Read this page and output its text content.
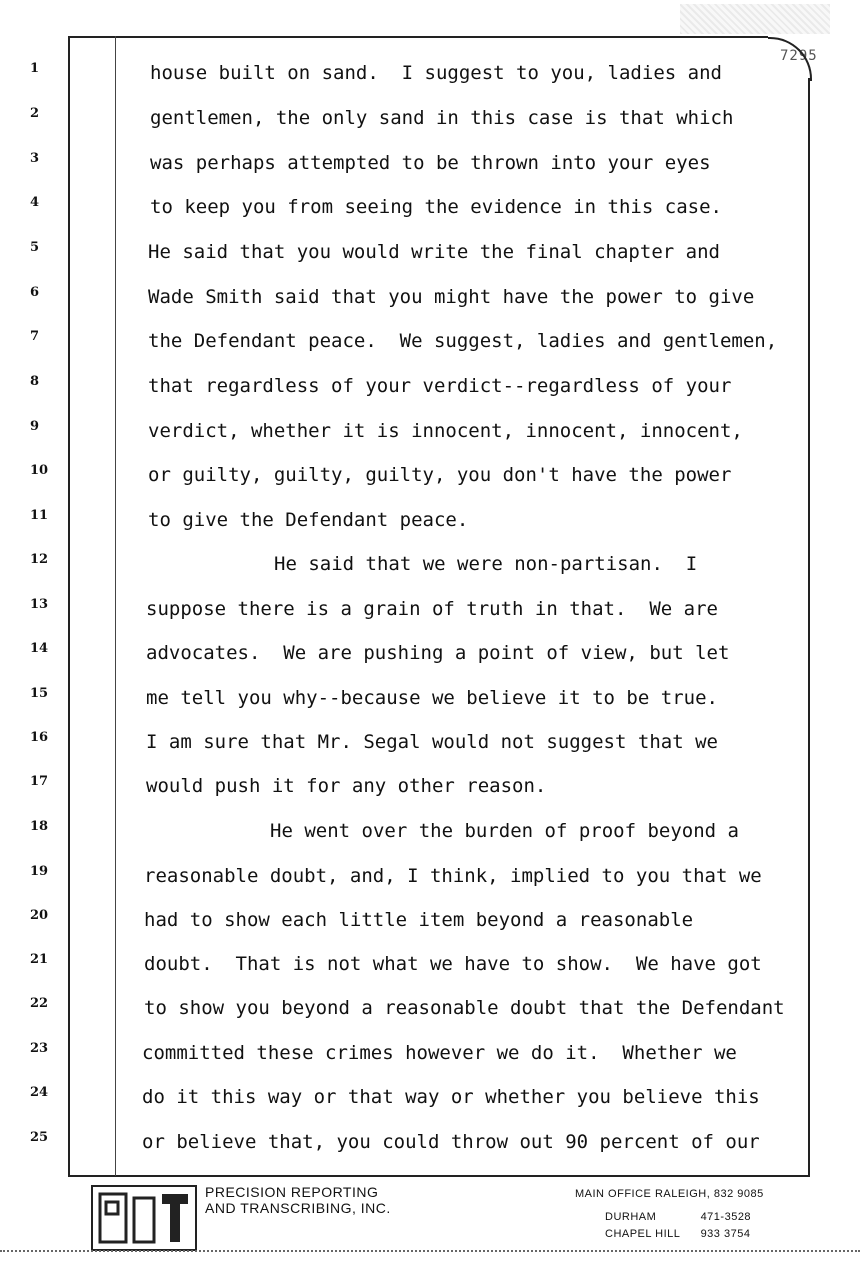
7295
1	house built on sand.  I suggest to you, ladies and
2	gentlemen, the only sand in this case is that which
3	was perhaps attempted to be thrown into your eyes
4	to keep you from seeing the evidence in this case.
5	He said that you would write the final chapter and
6	Wade Smith said that you might have the power to give
7	the Defendant peace.  We suggest, ladies and gentlemen,
8	that regardless of your verdict--regardless of your
9	verdict, whether it is innocent, innocent, innocent,
10	or guilty, guilty, guilty, you don't have the power
11	to give the Defendant peace.
12	He said that we were non-partisan.  I
13	suppose there is a grain of truth in that.  We are
14	advocates.  We are pushing a point of view, but let
15	me tell you why--because we believe it to be true.
16	I am sure that Mr. Segal would not suggest that we
17	would push it for any other reason.
18	He went over the burden of proof beyond a
19	reasonable doubt, and, I think, implied to you that we
20	had to show each little item beyond a reasonable
21	doubt.  That is not what we have to show.  We have got
22	to show you beyond a reasonable doubt that the Defendant
23	committed these crimes however we do it.  Whether we
24	do it this way or that way or whether you believe this
25	or believe that, you could throw out 90 percent of our
PRECISION REPORTING
AND TRANSCRIBING, INC.
MAIN OFFICE RALEIGH, 832 9085
DURHAM	471-3528
CHAPEL HILL 933 3754
